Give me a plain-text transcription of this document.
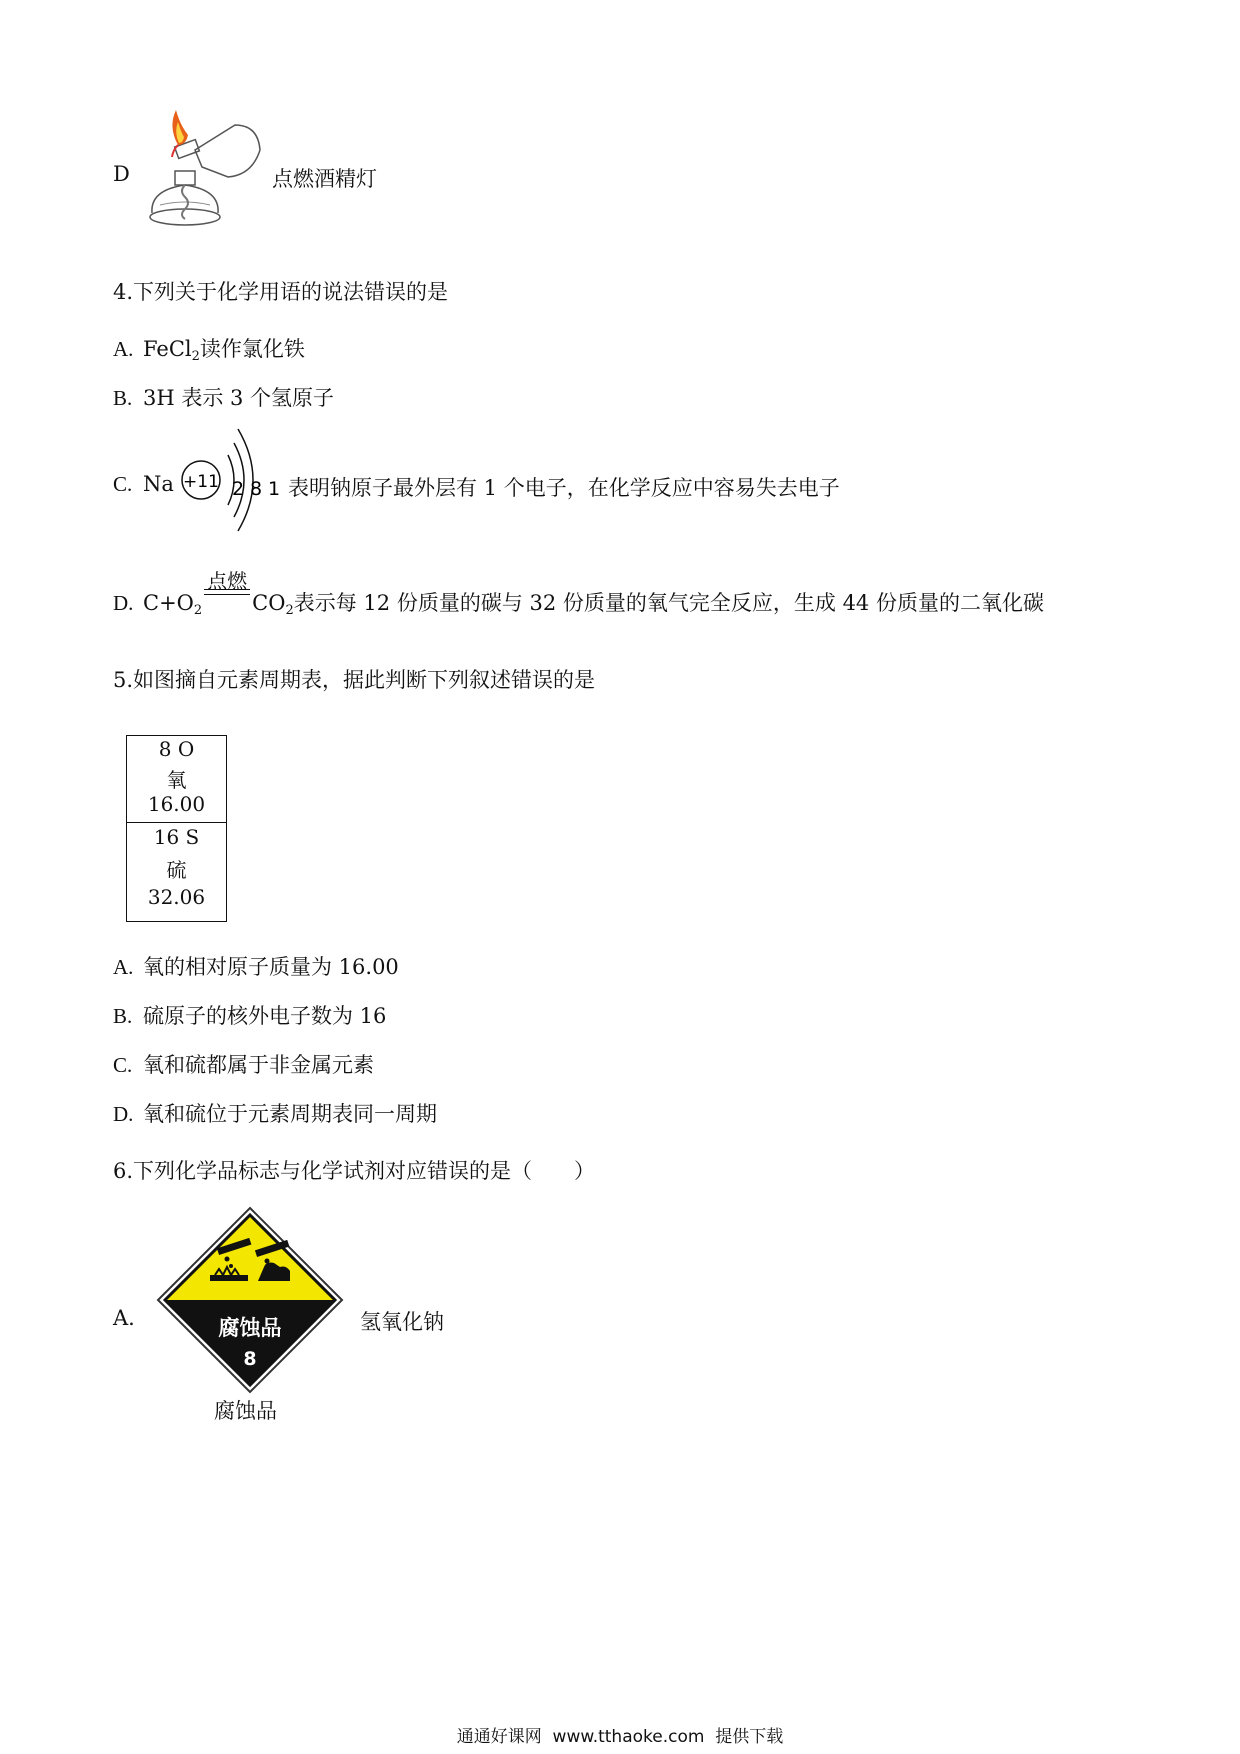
D	点燃酒精灯
4.下列关于化学用语的说法错误的是
A. FeCl$_2$读作氯化铁
B. 3H 表示 3 个氢原子
C. Na +11 2 8 1 表明钠原子最外层有 1 个电子，在化学反应中容易失去电子
D. $C+O_2$
点燃
$CO_2$表示每 12 份质量的碳与 32 份质量的氧气完全反应，生成 44 份质量的二氧化碳
5.如图摘自元素周期表，据此判断下列叙述错误的是
8 O
氧
16.00
16 S
硫
32.06
A. 氧的相对原子质量为 16.00
B. 硫原子的核外电子数为 16
C. 氧和硫都属于非金属元素
D. 氧和硫位于元素周期表同一周期
6.下列化学品标志与化学试剂对应错误的是（　　）
A.	腐蚀品
8
腐蚀品
氢氧化钠
通通好课网  www.tthaoke.com  提供下载
